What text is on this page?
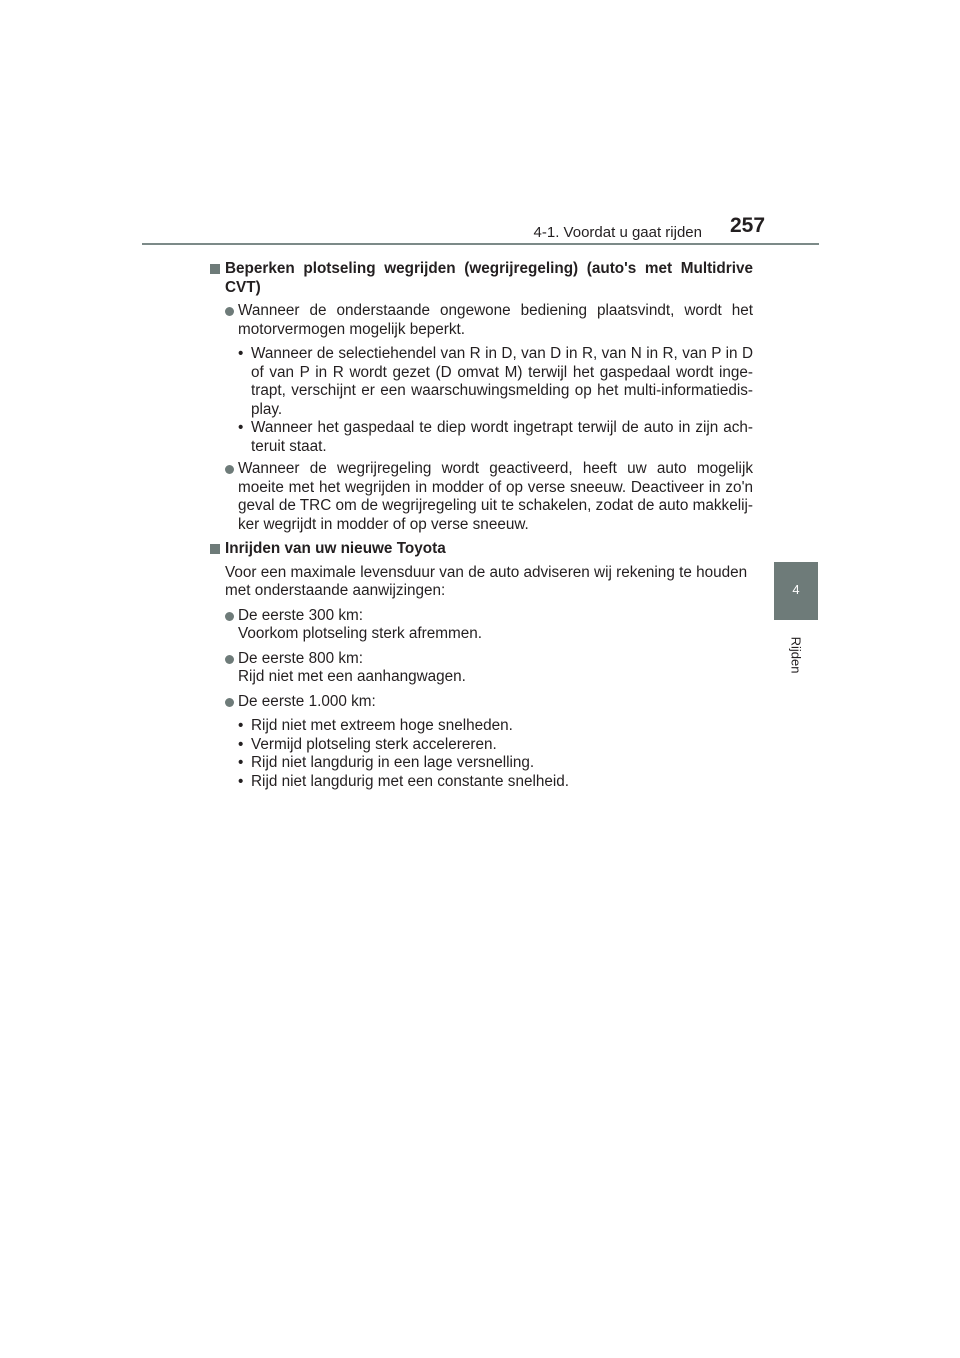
4-1. Voordat u gaat rijden 257
4
Rijden
Beperken plotseling wegrijden (wegrijregeling) (auto's met Multidrive CVT)
Wanneer de onderstaande ongewone bediening plaatsvindt, wordt het motorvermogen mogelijk beperkt.
• Wanneer de selectiehendel van R in D, van D in R, van N in R, van P in D of van P in R wordt gezet (D omvat M) terwijl het gaspedaal wordt inge-trapt, verschijnt er een waarschuwingsmelding op het multi-informatiedis-play.
• Wanneer het gaspedaal te diep wordt ingetrapt terwijl de auto in zijn ach-teruit staat.
Wanneer de wegrijregeling wordt geactiveerd, heeft uw auto mogelijk moeite met het wegrijden in modder of op verse sneeuw. Deactiveer in zo'n geval de TRC om de wegrijregeling uit te schakelen, zodat de auto makkelij-ker wegrijdt in modder of op verse sneeuw.
Inrijden van uw nieuwe Toyota
Voor een maximale levensduur van de auto adviseren wij rekening te houden met onderstaande aanwijzingen:
De eerste 300 km:
Voorkom plotseling sterk afremmen.
De eerste 800 km:
Rijd niet met een aanhangwagen.
De eerste 1.000 km:
• Rijd niet met extreem hoge snelheden.
• Vermijd plotseling sterk accelereren.
• Rijd niet langdurig in een lage versnelling.
• Rijd niet langdurig met een constante snelheid.
